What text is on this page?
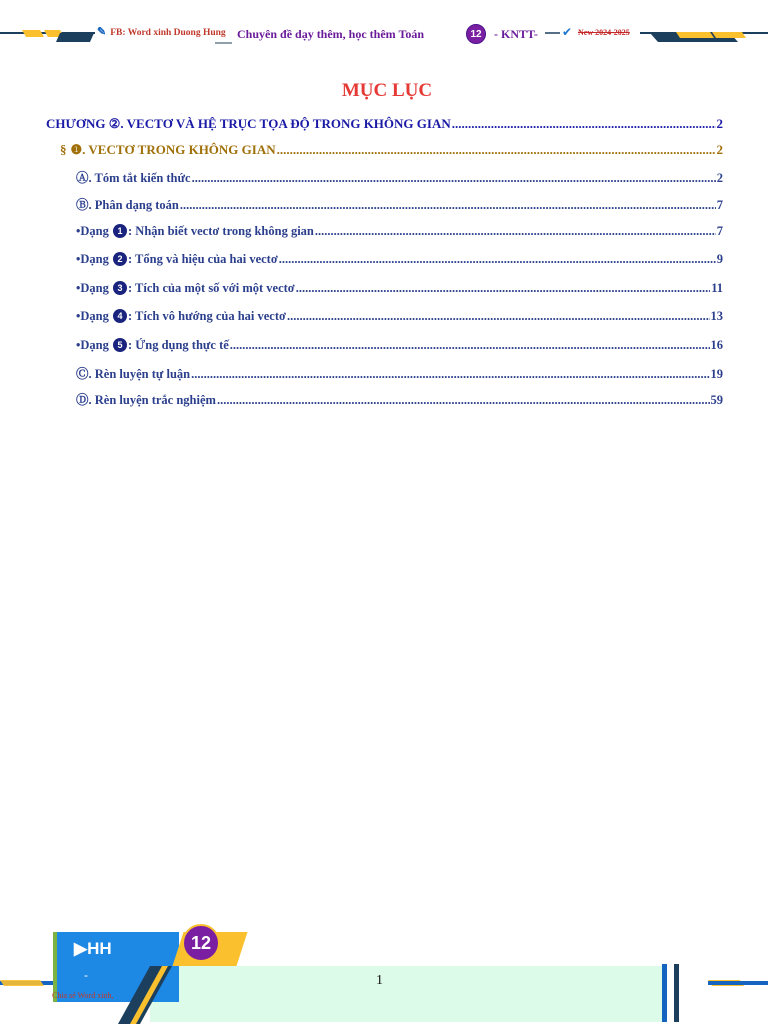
✎ FB: Word xinh Duong Hung Chuyên đề dạy thêm, học thêm Toán	12	- KNTT- ✔ New 2024-2025
MỤC LỤC
CHƯƠNG ②. VECTƠ VÀ HỆ TRỤC TỌA ĐỘ TRONG KHÔNG GIAN .....	2
§ ❶. VECTƠ TRONG KHÔNG GIAN .....	2
Ⓐ. Tóm tắt kiến thức .....	2
Ⓑ. Phân dạng toán .....	7
•Dạng 1 : Nhận biết vectơ trong không gian .....	7
•Dạng 2 : Tổng và hiệu của hai vectơ .....	9
•Dạng 3 : Tích của một số với một vectơ .....	11
•Dạng 4 : Tích vô hướng của hai vectơ .....	13
•Dạng 5 : Ứng dụng thực tế .....	16
Ⓒ. Rèn luyện tự luận .....	19
Ⓓ. Rèn luyện trắc nghiệm .....	59
▶HH
-
12
1
Chia sẻ Word xinh,
